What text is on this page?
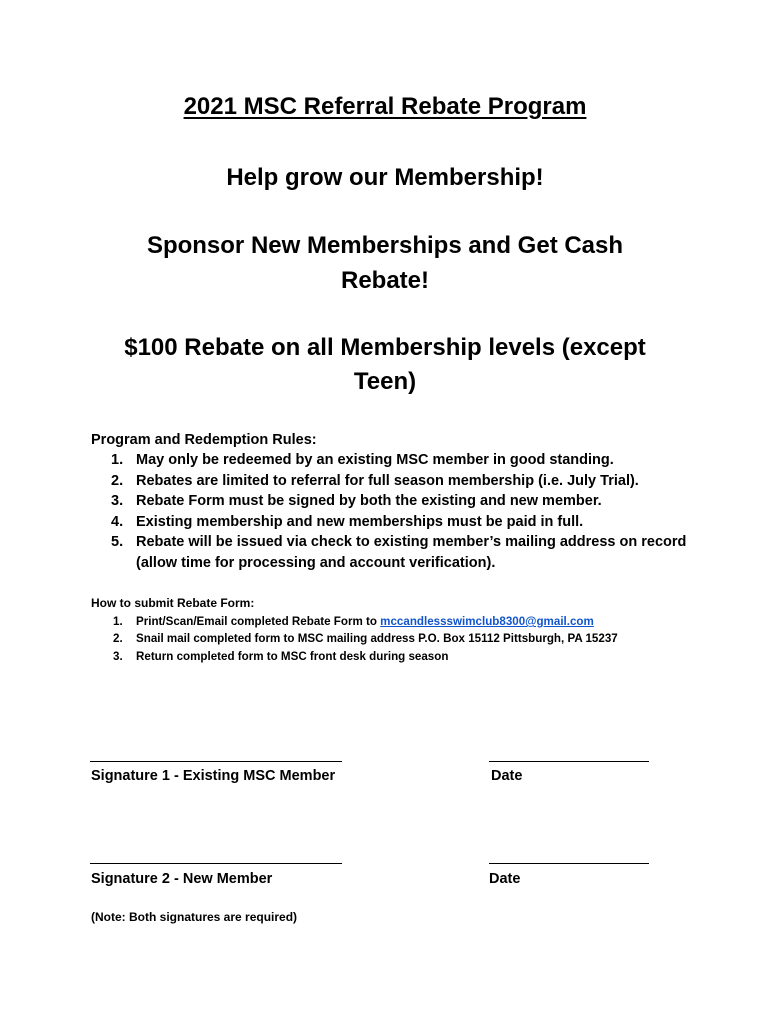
2021 MSC Referral Rebate Program
Help grow our Membership!
Sponsor New Memberships and Get Cash Rebate!
$100 Rebate on all Membership levels (except Teen)

Program and Redemption Rules:

1. May only be redeemed by an existing MSC member in good standing.
2. Rebates are limited to referral for full season membership (i.e. July Trial).
3. Rebate Form must be signed by both the existing and new member.
4. Existing membership and new memberships must be paid in full.
5. Rebate will be issued via check to existing member’s mailing address on record (allow time for processing and account verification).

How to submit Rebate Form:

1. Print/Scan/Email completed Rebate Form to mccandlessswimclub8300@gmail.com
2. Snail mail completed form to MSC mailing address P.O. Box 15112 Pittsburgh, PA 15237
3. Return completed form to MSC front desk during season

Signature 1 - Existing MSC Member	Date

Signature 2 - New Member	Date

(Note: Both signatures are required)
